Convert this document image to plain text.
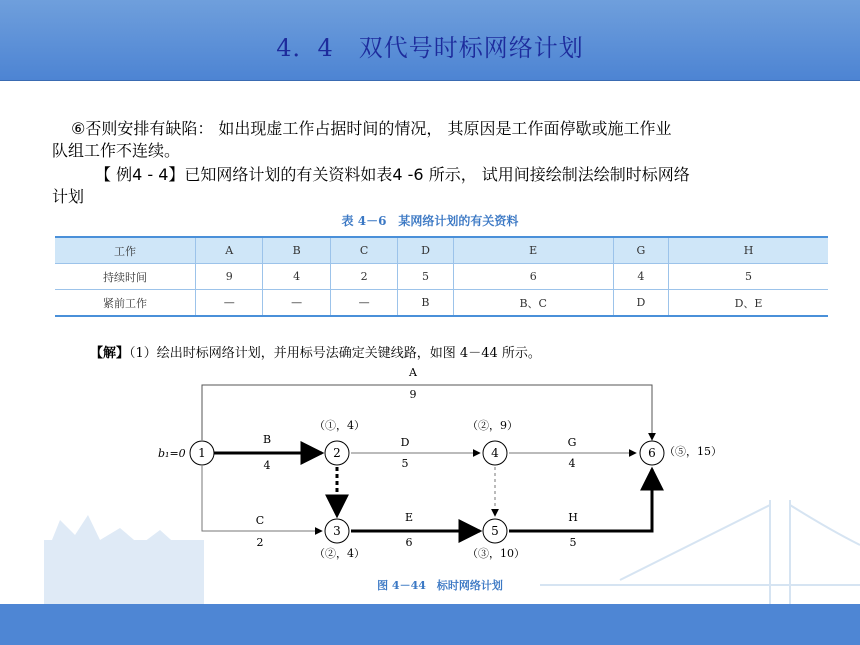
4．4　双代号时标网络计划
⑥否则安排有缺陷： 如出现虚工作占据时间的情况， 其原因是工作面停歇或施工作业
队组工作不连续。
【 例4 - 4】已知网络计划的有关资料如表4 -6 所示， 试用间接绘制法绘制时标网络
计划
表 4－6　某网络计划的有关资料
工作	A	B	C	D	E	G	H
持续时间	9	4	2	5	6	4	5
紧前工作	—	—	—	B	B、C	D	D、E
【解】（1）绘出时标网络计划，并用标号法确定关键线路，如图 4－44 所示。
1	2
3
4
5
6
（①，4）
（②，4）
（②，9）
（③，10）
（⑤，15）
b₁=0
A
9
B
4
C
2
D
5
E
6
G
4
H
5
图 4－44　标时网络计划
